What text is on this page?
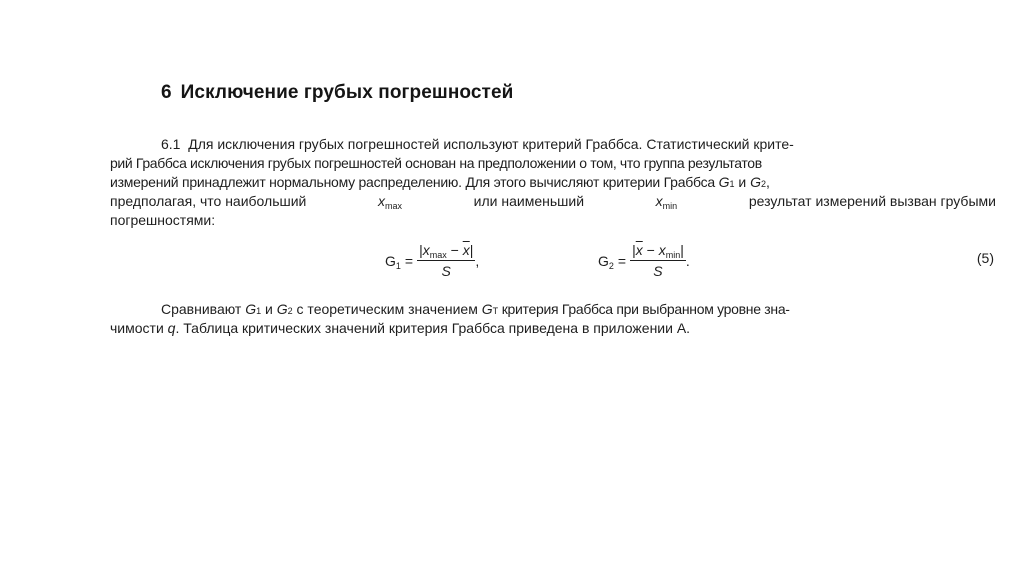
6 Исключение грубых погрешностей
6.1  Для исключения грубых погрешностей используют критерий Граббса. Статистический крите-
рий Граббса исключения грубых погрешностей основан на предположении о том, что группа результатов
измерений принадлежит нормальному распределению. Для этого вычисляют критерии Граббса G 1 и G 2 ,
предполагая, что наибольший	$x_{max}$	или наименьший	$x_{min}$	результат измерений вызван грубыми
погрешностями:
$G_1 = \frac{|x_{max} - \overline{x}|}{S}$ ,	$G_2 = \frac{|\overline{x} - x_{min}|}{S}$ .	(5)
Сравнивают G 1 и G 2 с теоретическим значением G T критерия Граббса при выбранном уровне зна-
чимости q . Таблица критических значений критерия Граббса приведена в приложении А.
